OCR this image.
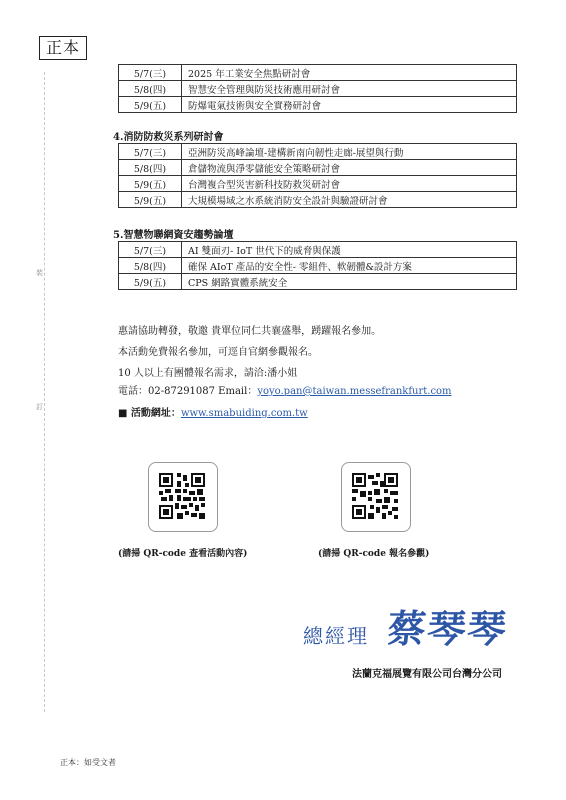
正本
裝
訂
5/7(三)	2025 年工業安全焦點研討會
5/8(四)	智慧安全管理與防災技術應用研討會
5/9(五)	防爆電氣技術與安全實務研討會
4.消防防救災系列研討會
5/7(三)	亞洲防災高峰論壇-建構新南向韌性走廊-展望與行動
5/8(四)	倉儲物流與淨零儲能安全策略研討會
5/9(五)	台灣複合型災害新科技防救災研討會
5/9(五)	大規模場域之水系統消防安全設計與驗證研討會
5.智慧物聯網資安趨勢論壇
5/7(三)	AI 雙面刃- IoT 世代下的威脅與保護
5/8(四)	確保 AIoT 產品的安全性- 零組件、軟韌體&設計方案
5/9(五)	CPS 網路實體系統安全
惠請協助轉發，敬邀 貴單位同仁共襄盛舉，踴躍報名參加。
本活動免費報名參加，可逕自官網參觀報名。
10 人以上有團體報名需求，請洽:潘小姐
電話：02-87291087 Email：yoyo.pan@taiwan.messefrankfurt.com
■ 活動網址：www.smabuiding.com.tw
(請掃 QR-code 查看活動內容)	(請掃 QR-code 報名參觀)
總經理 蔡琴琴
法蘭克福展覽有限公司台灣分公司
正本：如受文者
